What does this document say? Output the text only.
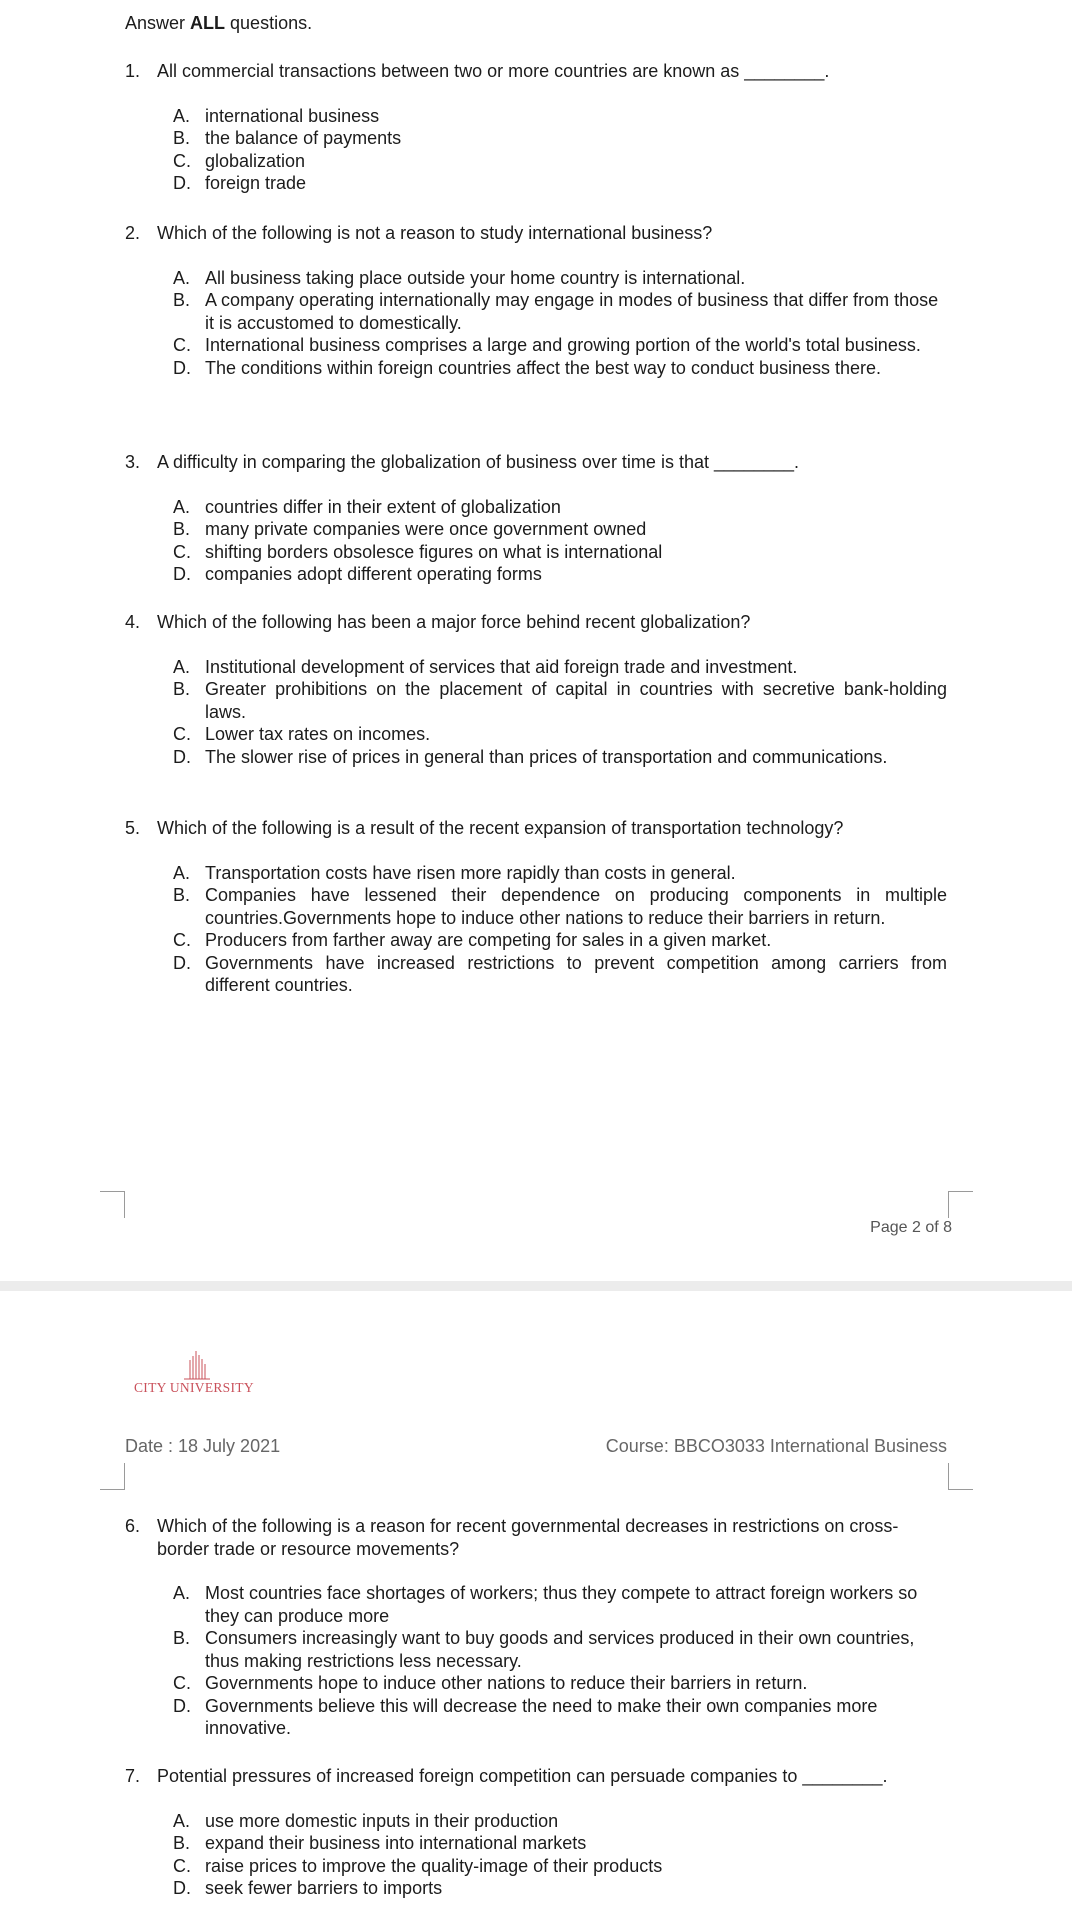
Answer ALL questions.
1. All commercial transactions between two or more countries are known as ________.
A. international business
B. the balance of payments
C. globalization
D. foreign trade
2. Which of the following is not a reason to study international business?
A. All business taking place outside your home country is international.
B. A company operating internationally may engage in modes of business that differ from those it is accustomed to domestically.
C. International business comprises a large and growing portion of the world's total business.
D. The conditions within foreign countries affect the best way to conduct business there.
3. A difficulty in comparing the globalization of business over time is that ________.
A. countries differ in their extent of globalization
B. many private companies were once government owned
C. shifting borders obsolesce figures on what is international
D. companies adopt different operating forms
4. Which of the following has been a major force behind recent globalization?
A. Institutional development of services that aid foreign trade and investment.
B. Greater prohibitions on the placement of capital in countries with secretive bank-holding laws.
C. Lower tax rates on incomes.
D. The slower rise of prices in general than prices of transportation and communications.
5. Which of the following is a result of the recent expansion of transportation technology?
A. Transportation costs have risen more rapidly than costs in general.
B. Companies have lessened their dependence on producing components in multiple countries.Governments hope to induce other nations to reduce their barriers in return.
C. Producers from farther away are competing for sales in a given market.
D. Governments have increased restrictions to prevent competition among carriers from different countries.
Page 2 of 8
CITY UNIVERSITY
Date : 18 July 2021	Course: BBCO3033 International Business
6. Which of the following is a reason for recent governmental decreases in restrictions on cross-border trade or resource movements?
A. Most countries face shortages of workers; thus they compete to attract foreign workers so they can produce more
B. Consumers increasingly want to buy goods and services produced in their own countries, thus making restrictions less necessary.
C. Governments hope to induce other nations to reduce their barriers in return.
D. Governments believe this will decrease the need to make their own companies more innovative.
7. Potential pressures of increased foreign competition can persuade companies to ________.
A. use more domestic inputs in their production
B. expand their business into international markets
C. raise prices to improve the quality-image of their products
D. seek fewer barriers to imports
